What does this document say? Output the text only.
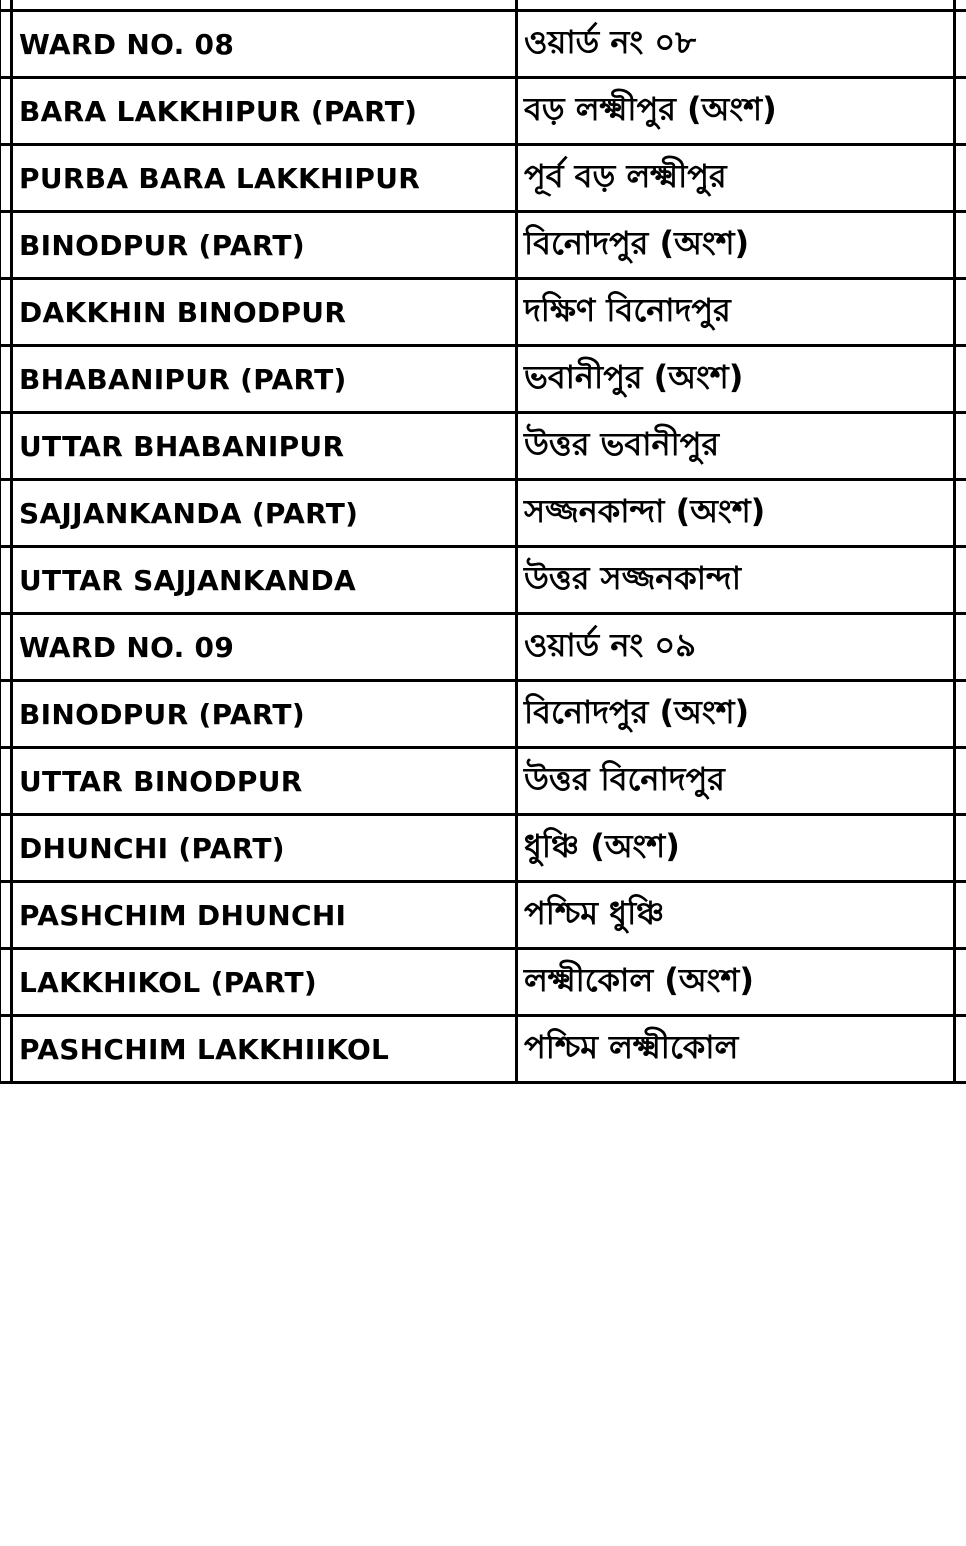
	WARD NO. 08	ওয়ার্ড নং ০৮	
	BARA LAKKHIPUR (PART)	বড় লক্ষ্মীপুর (অংশ)	
	PURBA BARA LAKKHIPUR	পূর্ব বড় লক্ষ্মীপুর	
	BINODPUR (PART)	বিনোদপুর (অংশ)	
	DAKKHIN BINODPUR	দক্ষিণ বিনোদপুর	
	BHABANIPUR (PART)	ভবানীপুর (অংশ)	
	UTTAR BHABANIPUR	উত্তর ভবানীপুর	
	SAJJANKANDA (PART)	সজ্জনকান্দা (অংশ)	
	UTTAR SAJJANKANDA	উত্তর সজ্জনকান্দা	
	WARD NO. 09	ওয়ার্ড নং ০৯	
	BINODPUR (PART)	বিনোদপুর (অংশ)	
	UTTAR BINODPUR	উত্তর বিনোদপুর	
	DHUNCHI (PART)	ধুঞ্চি (অংশ)	
	PASHCHIM DHUNCHI	পশ্চিম ধুঞ্চি	
	LAKKHIKOL (PART)	লক্ষ্মীকোল (অংশ)	
	PASHCHIM LAKKHIIKOL	পশ্চিম লক্ষ্মীকোল	
